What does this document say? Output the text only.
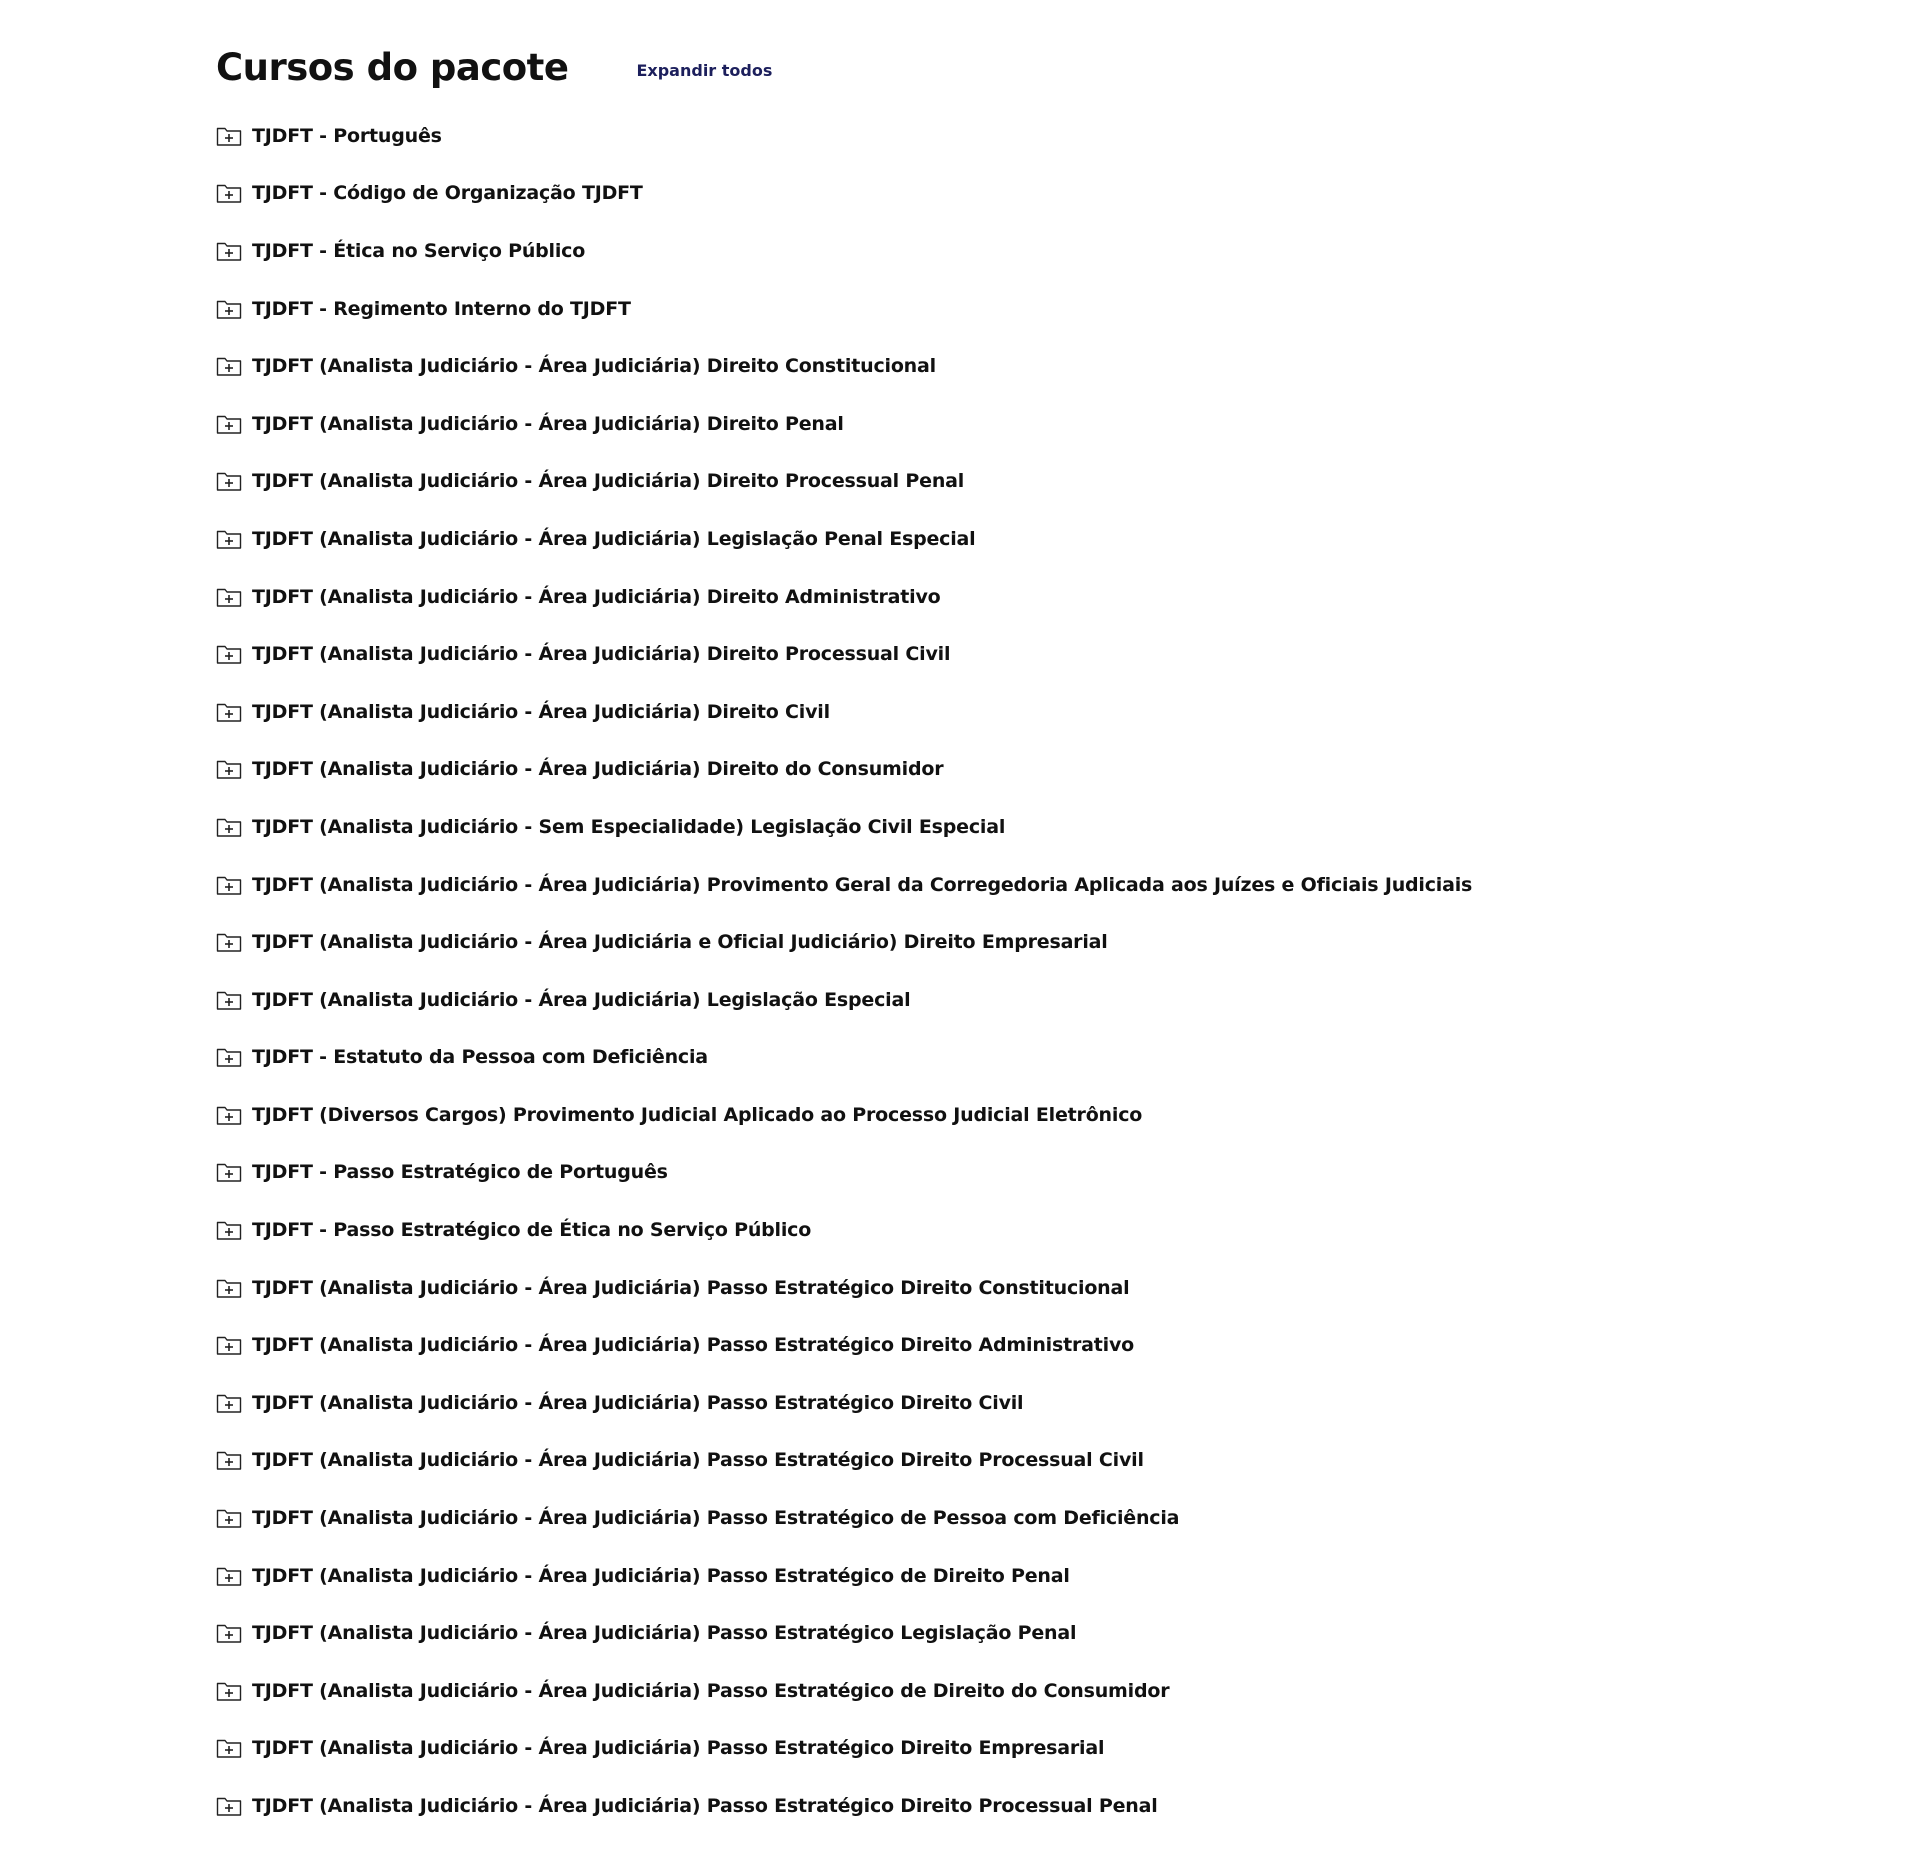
Cursos do pacote	Expandir todos
TJDFT - Português
TJDFT - Código de Organização TJDFT
TJDFT - Ética no Serviço Público
TJDFT - Regimento Interno do TJDFT
TJDFT (Analista Judiciário - Área Judiciária) Direito Constitucional
TJDFT (Analista Judiciário - Área Judiciária) Direito Penal
TJDFT (Analista Judiciário - Área Judiciária) Direito Processual Penal
TJDFT (Analista Judiciário - Área Judiciária) Legislação Penal Especial
TJDFT (Analista Judiciário - Área Judiciária) Direito Administrativo
TJDFT (Analista Judiciário - Área Judiciária) Direito Processual Civil
TJDFT (Analista Judiciário - Área Judiciária) Direito Civil
TJDFT (Analista Judiciário - Área Judiciária) Direito do Consumidor
TJDFT (Analista Judiciário - Sem Especialidade) Legislação Civil Especial
TJDFT (Analista Judiciário - Área Judiciária) Provimento Geral da Corregedoria Aplicada aos Juízes e Oficiais Judiciais
TJDFT (Analista Judiciário - Área Judiciária e Oficial Judiciário) Direito Empresarial
TJDFT (Analista Judiciário - Área Judiciária) Legislação Especial
TJDFT - Estatuto da Pessoa com Deficiência
TJDFT (Diversos Cargos) Provimento Judicial Aplicado ao Processo Judicial Eletrônico
TJDFT - Passo Estratégico de Português
TJDFT - Passo Estratégico de Ética no Serviço Público
TJDFT (Analista Judiciário - Área Judiciária) Passo Estratégico Direito Constitucional
TJDFT (Analista Judiciário - Área Judiciária) Passo Estratégico Direito Administrativo
TJDFT (Analista Judiciário - Área Judiciária) Passo Estratégico Direito Civil
TJDFT (Analista Judiciário - Área Judiciária) Passo Estratégico Direito Processual Civil
TJDFT (Analista Judiciário - Área Judiciária) Passo Estratégico de Pessoa com Deficiência
TJDFT (Analista Judiciário - Área Judiciária) Passo Estratégico de Direito Penal
TJDFT (Analista Judiciário - Área Judiciária) Passo Estratégico Legislação Penal
TJDFT (Analista Judiciário - Área Judiciária) Passo Estratégico de Direito do Consumidor
TJDFT (Analista Judiciário - Área Judiciária) Passo Estratégico Direito Empresarial
TJDFT (Analista Judiciário - Área Judiciária) Passo Estratégico Direito Processual Penal
